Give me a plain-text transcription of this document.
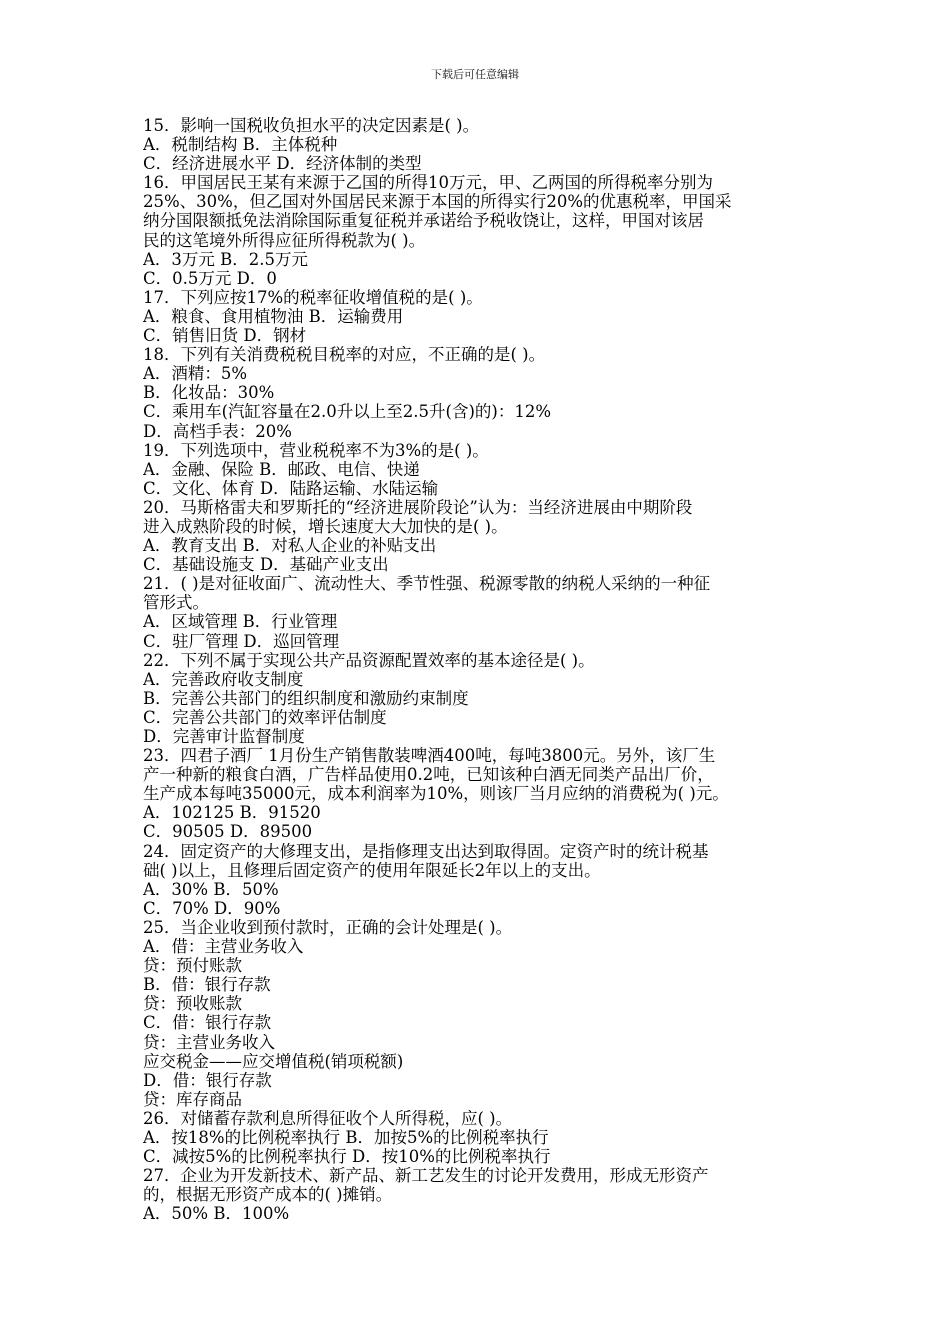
下载后可任意编辑
15．影响一国税收负担水平的决定因素是( )。
A．税制结构 B．主体税种
C．经济进展水平 D．经济体制的类型
16．甲国居民王某有来源于乙国的所得10万元，甲、乙两国的所得税率分别为
25%、30%，但乙国对外国居民来源于本国的所得实行20%的优惠税率，甲国采
纳分国限额抵免法消除国际重复征税并承诺给予税收饶让，这样，甲国对该居
民的这笔境外所得应征所得税款为( )。
A．3万元 B．2.5万元
C．0.5万元 D．0
17．下列应按17%的税率征收增值税的是( )。
A．粮食、食用植物油 B．运输费用
C．销售旧货 D．钢材
18．下列有关消费税税目税率的对应，不正确的是( )。
A．酒精：5%
B．化妆品：30%
C．乘用车(汽缸容量在2.0升以上至2.5升(含)的)：12%
D．高档手表：20%
19．下列选项中，营业税税率不为3%的是( )。
A．金融、保险 B．邮政、电信、快递
C．文化、体育 D．陆路运输、水陆运输
20．马斯格雷夫和罗斯托的“经济进展阶段论”认为：当经济进展由中期阶段
进入成熟阶段的时候，增长速度大大加快的是( )。
A．教育支出 B．对私人企业的补贴支出
C．基础设施支 D．基础产业支出
21．( )是对征收面广、流动性大、季节性强、税源零散的纳税人采纳的一种征
管形式。
A．区域管理 B．行业管理
C．驻厂管理 D．巡回管理
22．下列不属于实现公共产品资源配置效率的基本途径是( )。
A．完善政府收支制度
B．完善公共部门的组织制度和激励约束制度
C．完善公共部门的效率评估制度
D．完善审计监督制度
23．四君子酒厂 1月份生产销售散装啤酒400吨，每吨3800元。另外，该厂生
产一种新的粮食白酒，广告样品使用0.2吨，已知该种白酒无同类产品出厂价，
生产成本每吨35000元，成本利润率为10%，则该厂当月应纳的消费税为( )元。
A．102125 B．91520
C．90505 D．89500
24．固定资产的大修理支出，是指修理支出达到取得固。定资产时的统计税基
础( )以上，且修理后固定资产的使用年限延长2年以上的支出。
A．30% B．50%
C．70% D．90%
25．当企业收到预付款时，正确的会计处理是( )。
A．借：主营业务收入
贷：预付账款
B．借：银行存款
贷：预收账款
C．借：银行存款
贷：主营业务收入
应交税金——应交增值税(销项税额)
D．借：银行存款
贷：库存商品
26．对储蓄存款利息所得征收个人所得税，应( )。
A．按18%的比例税率执行 B．加按5%的比例税率执行
C．减按5%的比例税率执行 D．按10%的比例税率执行
27．企业为开发新技术、新产品、新工艺发生的讨论开发费用，形成无形资产
的，根据无形资产成本的( )摊销。
A．50% B．100%
